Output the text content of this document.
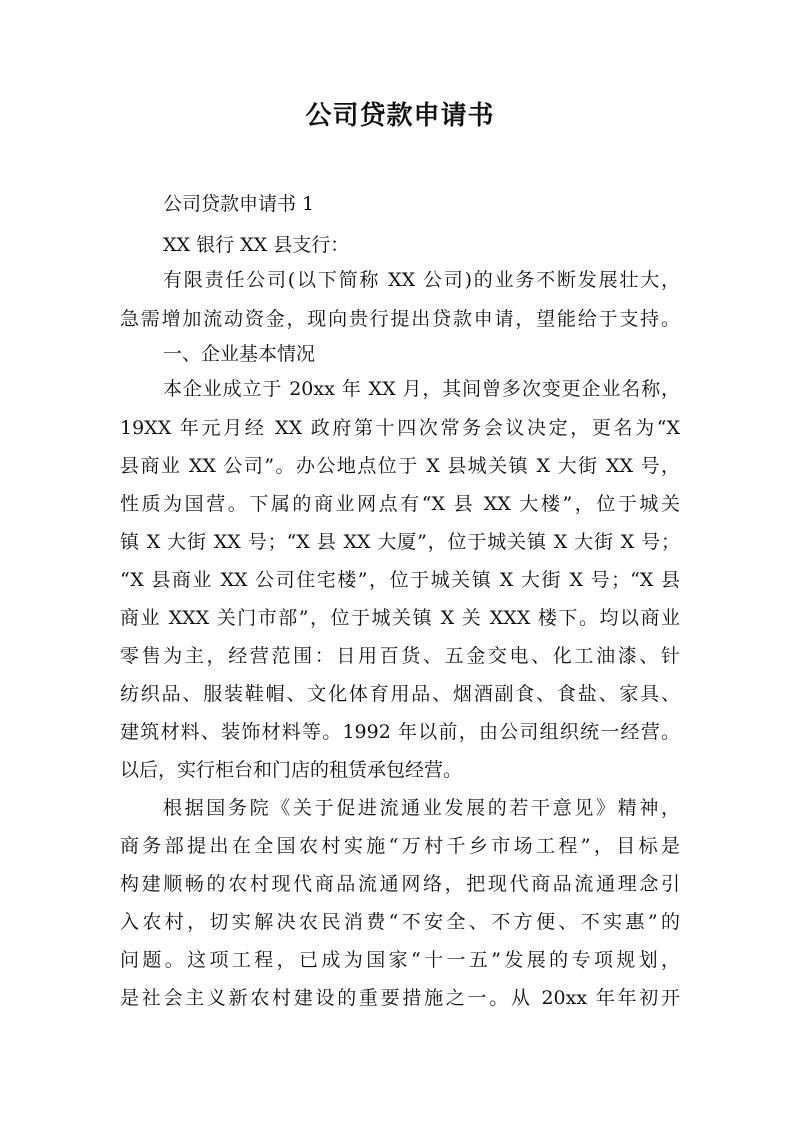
公司贷款申请书
公司贷款申请书 1
XX 银行 XX 县支行：
有限责任公司(以下简称 XX 公司)的业务不断发展壮大，
急需增加流动资金，现向贵行提出贷款申请，望能给于支持。
一、企业基本情况
本企业成立于 20xx 年 XX 月，其间曾多次变更企业名称，
19XX 年元月经 XX 政府第十四次常务会议决定，更名为“X
县商业 XX 公司”。办公地点位于 X 县城关镇 X 大街 XX 号，
性质为国营。下属的商业网点有“X 县 XX 大楼”，位于城关
镇 X 大街 XX 号；“X 县 XX 大厦”，位于城关镇 X 大街 X 号；
“X 县商业 XX 公司住宅楼”，位于城关镇 X 大街 X 号；“X 县
商业 XXX 关门市部”，位于城关镇 X 关 XXX 楼下。均以商业
零售为主，经营范围：日用百货、五金交电、化工油漆、针
纺织品、服装鞋帽、文化体育用品、烟酒副食、食盐、家具、
建筑材料、装饰材料等。1992 年以前，由公司组织统一经营。
以后，实行柜台和门店的租赁承包经营。
根据国务院《关于促进流通业发展的若干意见》精神，
商务部提出在全国农村实施“万村千乡市场工程”，目标是
构建顺畅的农村现代商品流通网络，把现代商品流通理念引
入农村，切实解决农民消费“不安全、不方便、不实惠”的
问题。这项工程，已成为国家“十一五”发展的专项规划，
是社会主义新农村建设的重要措施之一。从 20xx 年年初开
